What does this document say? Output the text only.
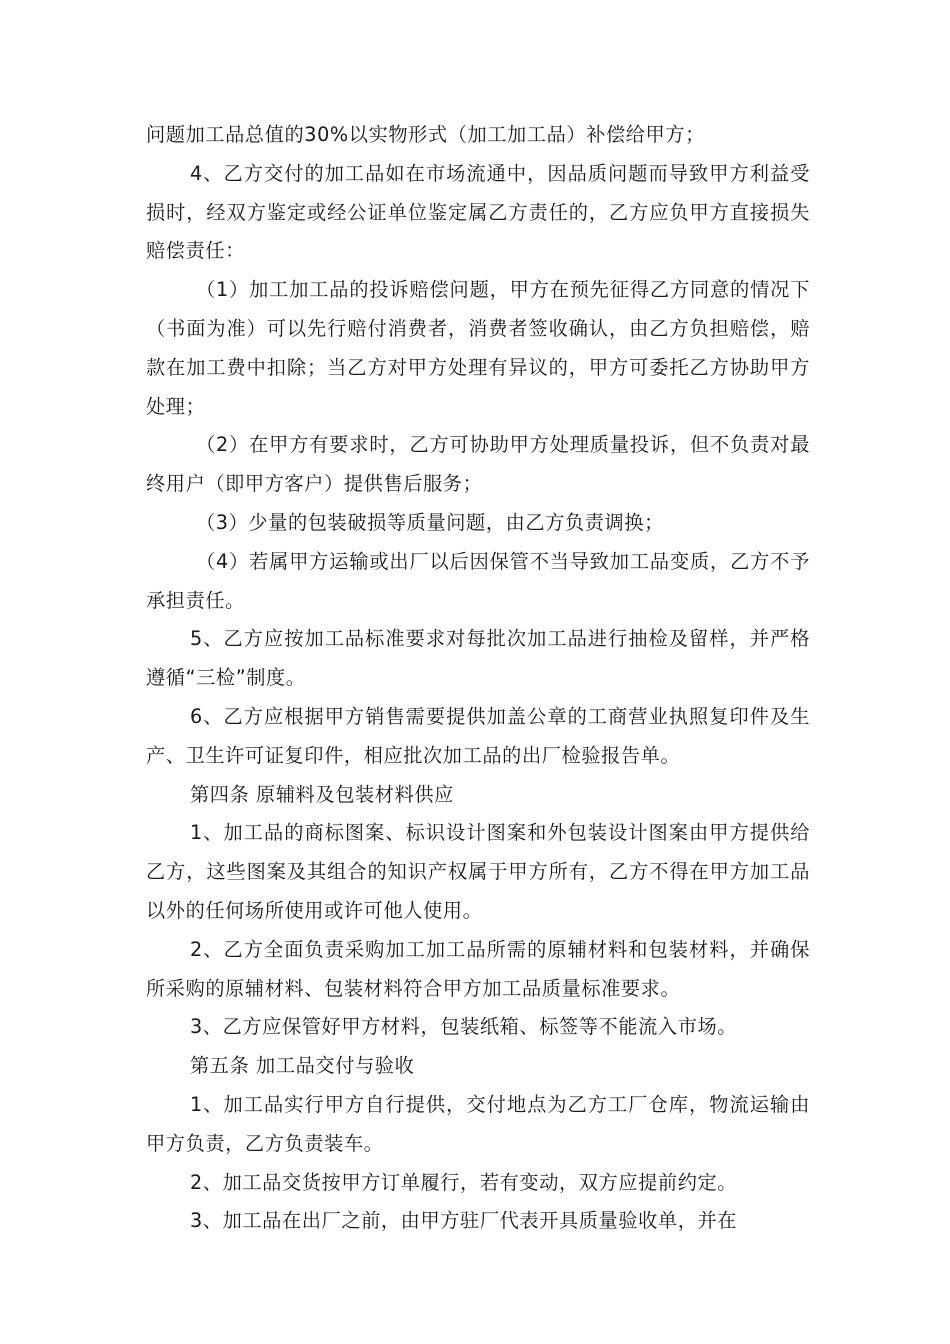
问题加工品总值的30%以实物形式（加工加工品）补偿给甲方；

4、乙方交付的加工品如在市场流通中，因品质问题而导致甲方利益受损时，经双方鉴定或经公证单位鉴定属乙方责任的，乙方应负甲方直接损失赔偿责任：

（1）加工加工品的投诉赔偿问题，甲方在预先征得乙方同意的情况下（书面为准）可以先行赔付消费者，消费者签收确认，由乙方负担赔偿，赔款在加工费中扣除；当乙方对甲方处理有异议的，甲方可委托乙方协助甲方处理；

（2）在甲方有要求时，乙方可协助甲方处理质量投诉，但不负责对最终用户（即甲方客户）提供售后服务；

（3）少量的包装破损等质量问题，由乙方负责调换；

（4）若属甲方运输或出厂以后因保管不当导致加工品变质，乙方不予承担责任。

5、乙方应按加工品标准要求对每批次加工品进行抽检及留样，并严格遵循“三检”制度。

6、乙方应根据甲方销售需要提供加盖公章的工商营业执照复印件及生产、卫生许可证复印件，相应批次加工品的出厂检验报告单。

第四条 原辅料及包装材料供应

1、加工品的商标图案、标识设计图案和外包装设计图案由甲方提供给乙方，这些图案及其组合的知识产权属于甲方所有，乙方不得在甲方加工品以外的任何场所使用或许可他人使用。

2、乙方全面负责采购加工加工品所需的原辅材料和包装材料，并确保所采购的原辅材料、包装材料符合甲方加工品质量标准要求。

3、乙方应保管好甲方材料，包装纸箱、标签等不能流入市场。

第五条 加工品交付与验收

1、加工品实行甲方自行提供，交付地点为乙方工厂仓库，物流运输由甲方负责，乙方负责装车。

2、加工品交货按甲方订单履行，若有变动，双方应提前约定。

3、加工品在出厂之前，由甲方驻厂代表开具质量验收单，并在
